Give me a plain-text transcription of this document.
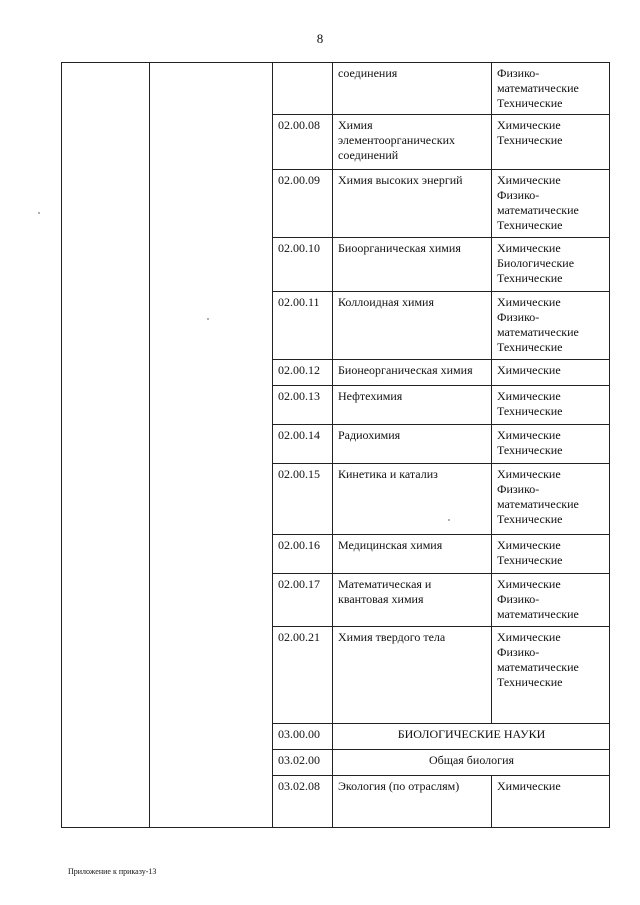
8
			соединения	Физико-
математические
Технические
		02.00.08	Химия
элементоорганических
соединений	Химические
Технические
		02.00.09	Химия высоких энергий	Химические
Физико-
математические
Технические
		02.00.10	Биоорганическая химия	Химические
Биологические
Технические
		02.00.11	Коллоидная химия	Химические
Физико-
математические
Технические
		02.00.12	Бионеорганическая химия	Химические
		02.00.13	Нефтехимия	Химические
Технические
		02.00.14	Радиохимия	Химические
Технические
		02.00.15	Кинетика и катализ	Химические
Физико-
математические
Технические
		02.00.16	Медицинская химия	Химические
Технические
		02.00.17	Математическая и
квантовая химия	Химические
Физико-
математические
		02.00.21	Химия твердого тела	Химические
Физико-
математические
Технические
		03.00.00	БИОЛОГИЧЕСКИЕ НАУКИ	
		03.02.00	Общая биология	
		03.02.08	Экология (по отраслям)	Химические
Приложение к приказу-13
